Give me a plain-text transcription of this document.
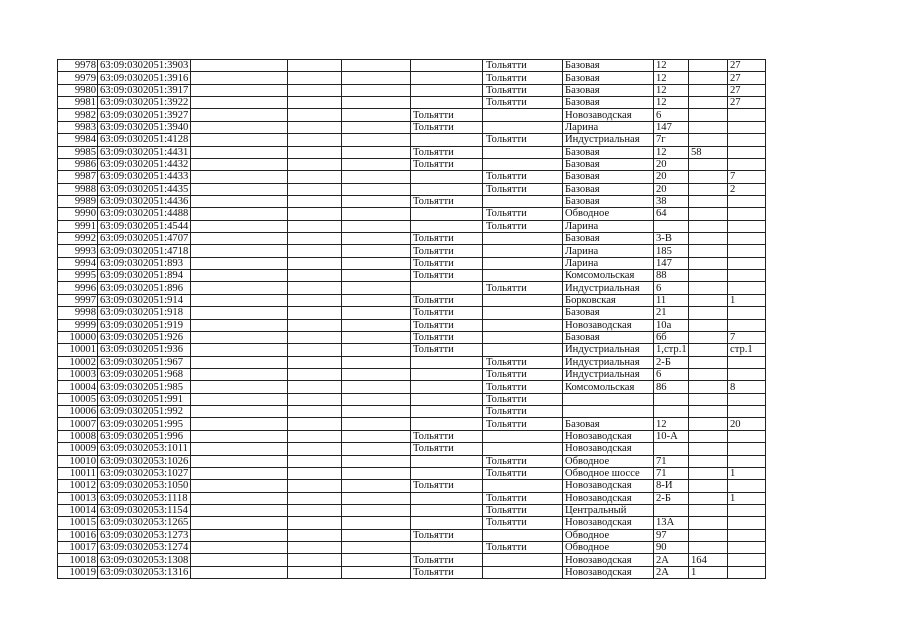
9978	63:09:0302051:3903					Тольятти	Базовая	12		27
9979	63:09:0302051:3916					Тольятти	Базовая	12		27
9980	63:09:0302051:3917					Тольятти	Базовая	12		27
9981	63:09:0302051:3922					Тольятти	Базовая	12		27
9982	63:09:0302051:3927				Тольятти		Новозаводская	6		
9983	63:09:0302051:3940				Тольятти		Ларина	147		
9984	63:09:0302051:4128					Тольятти	Индустриальная	7г		
9985	63:09:0302051:4431				Тольятти		Базовая	12	58	
9986	63:09:0302051:4432				Тольятти		Базовая	20		
9987	63:09:0302051:4433					Тольятти	Базовая	20		7
9988	63:09:0302051:4435					Тольятти	Базовая	20		2
9989	63:09:0302051:4436				Тольятти		Базовая	38		
9990	63:09:0302051:4488					Тольятти	Обводное	64		
9991	63:09:0302051:4544					Тольятти	Ларина			
9992	63:09:0302051:4707				Тольятти		Базовая	3-В		
9993	63:09:0302051:4718				Тольятти		Ларина	185		
9994	63:09:0302051:893				Тольятти		Ларина	147		
9995	63:09:0302051:894				Тольятти		Комсомольская	88		
9996	63:09:0302051:896					Тольятти	Индустриальная	6		
9997	63:09:0302051:914				Тольятти		Борковская	11		1
9998	63:09:0302051:918				Тольятти		Базовая	21		
9999	63:09:0302051:919				Тольятти		Новозаводская	10а		
10000	63:09:0302051:926				Тольятти		Базовая	6б		7
10001	63:09:0302051:936				Тольятти		Индустриальная	1,стр.1		стр.1
10002	63:09:0302051:967					Тольятти	Индустриальная	2-Б		
10003	63:09:0302051:968					Тольятти	Индустриальная	6		
10004	63:09:0302051:985					Тольятти	Комсомольская	86		8
10005	63:09:0302051:991					Тольятти				
10006	63:09:0302051:992					Тольятти				
10007	63:09:0302051:995					Тольятти	Базовая	12		20
10008	63:09:0302051:996				Тольятти		Новозаводская	10-А		
10009	63:09:0302053:1011				Тольятти		Новозаводская			
10010	63:09:0302053:1026					Тольятти	Обводное	71		
10011	63:09:0302053:1027					Тольятти	Обводное шоссе	71		1
10012	63:09:0302053:1050				Тольятти		Новозаводская	8-И		
10013	63:09:0302053:1118					Тольятти	Новозаводская	2-Б		1
10014	63:09:0302053:1154					Тольятти	Центральный			
10015	63:09:0302053:1265					Тольятти	Новозаводская	13А		
10016	63:09:0302053:1273				Тольятти		Обводное	97		
10017	63:09:0302053:1274					Тольятти	Обводное	90		
10018	63:09:0302053:1308				Тольятти		Новозаводская	2А	164	
10019	63:09:0302053:1316				Тольятти		Новозаводская	2А	1	
